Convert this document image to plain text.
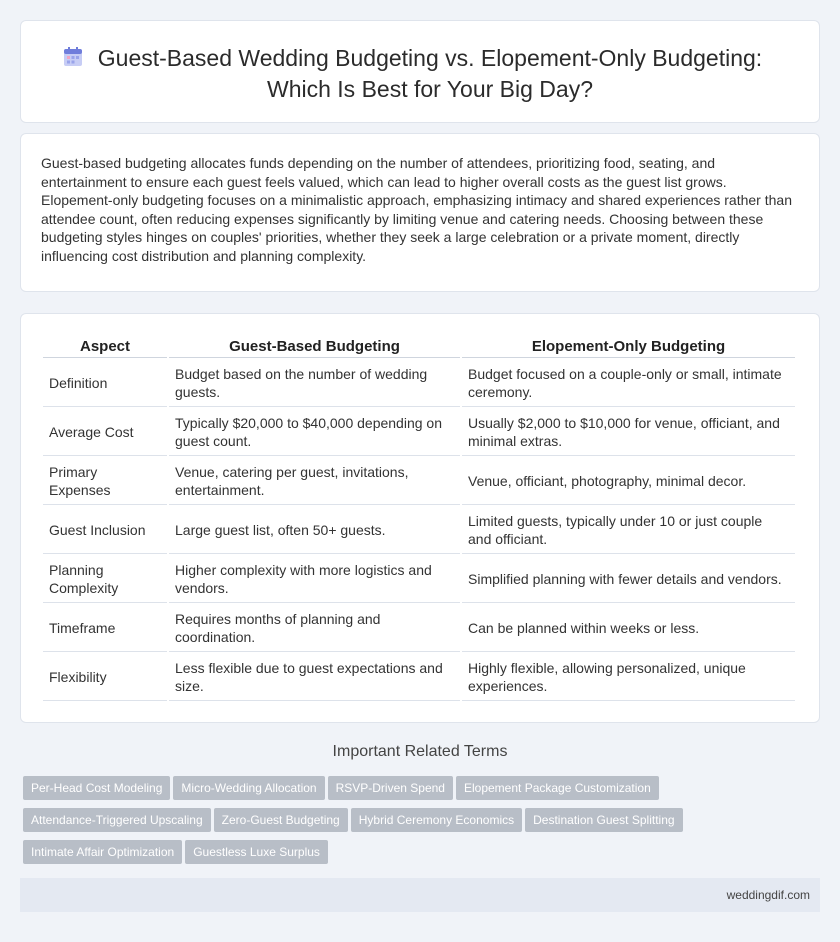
Guest-Based Wedding Budgeting vs. Elopement-Only Budgeting: Which Is Best for Your Big Day?

Guest-based budgeting allocates funds depending on the number of attendees, prioritizing food, seating, and entertainment to ensure each guest feels valued, which can lead to higher overall costs as the guest list grows. Elopement-only budgeting focuses on a minimalistic approach, emphasizing intimacy and shared experiences rather than attendee count, often reducing expenses significantly by limiting venue and catering needs. Choosing between these budgeting styles hinges on couples' priorities, whether they seek a large celebration or a private moment, directly influencing cost distribution and planning complexity.

Aspect	Guest-Based Budgeting	Elopement-Only Budgeting
Definition	Budget based on the number of wedding guests.	Budget focused on a couple-only or small, intimate ceremony.
Average Cost	Typically $20,000 to $40,000 depending on guest count.	Usually $2,000 to $10,000 for venue, officiant, and minimal extras.
Primary Expenses	Venue, catering per guest, invitations, entertainment.	Venue, officiant, photography, minimal decor.
Guest Inclusion	Large guest list, often 50+ guests.	Limited guests, typically under 10 or just couple and officiant.
Planning Complexity	Higher complexity with more logistics and vendors.	Simplified planning with fewer details and vendors.
Timeframe	Requires months of planning and coordination.	Can be planned within weeks or less.
Flexibility	Less flexible due to guest expectations and size.	Highly flexible, allowing personalized, unique experiences.
Important Related Terms
Per-Head Cost Modeling Micro-Wedding Allocation RSVP-Driven Spend Elopement Package Customization
Attendance-Triggered Upscaling Zero-Guest Budgeting Hybrid Ceremony Economics Destination Guest Splitting
Intimate Affair Optimization Guestless Luxe Surplus
weddingdif.com
